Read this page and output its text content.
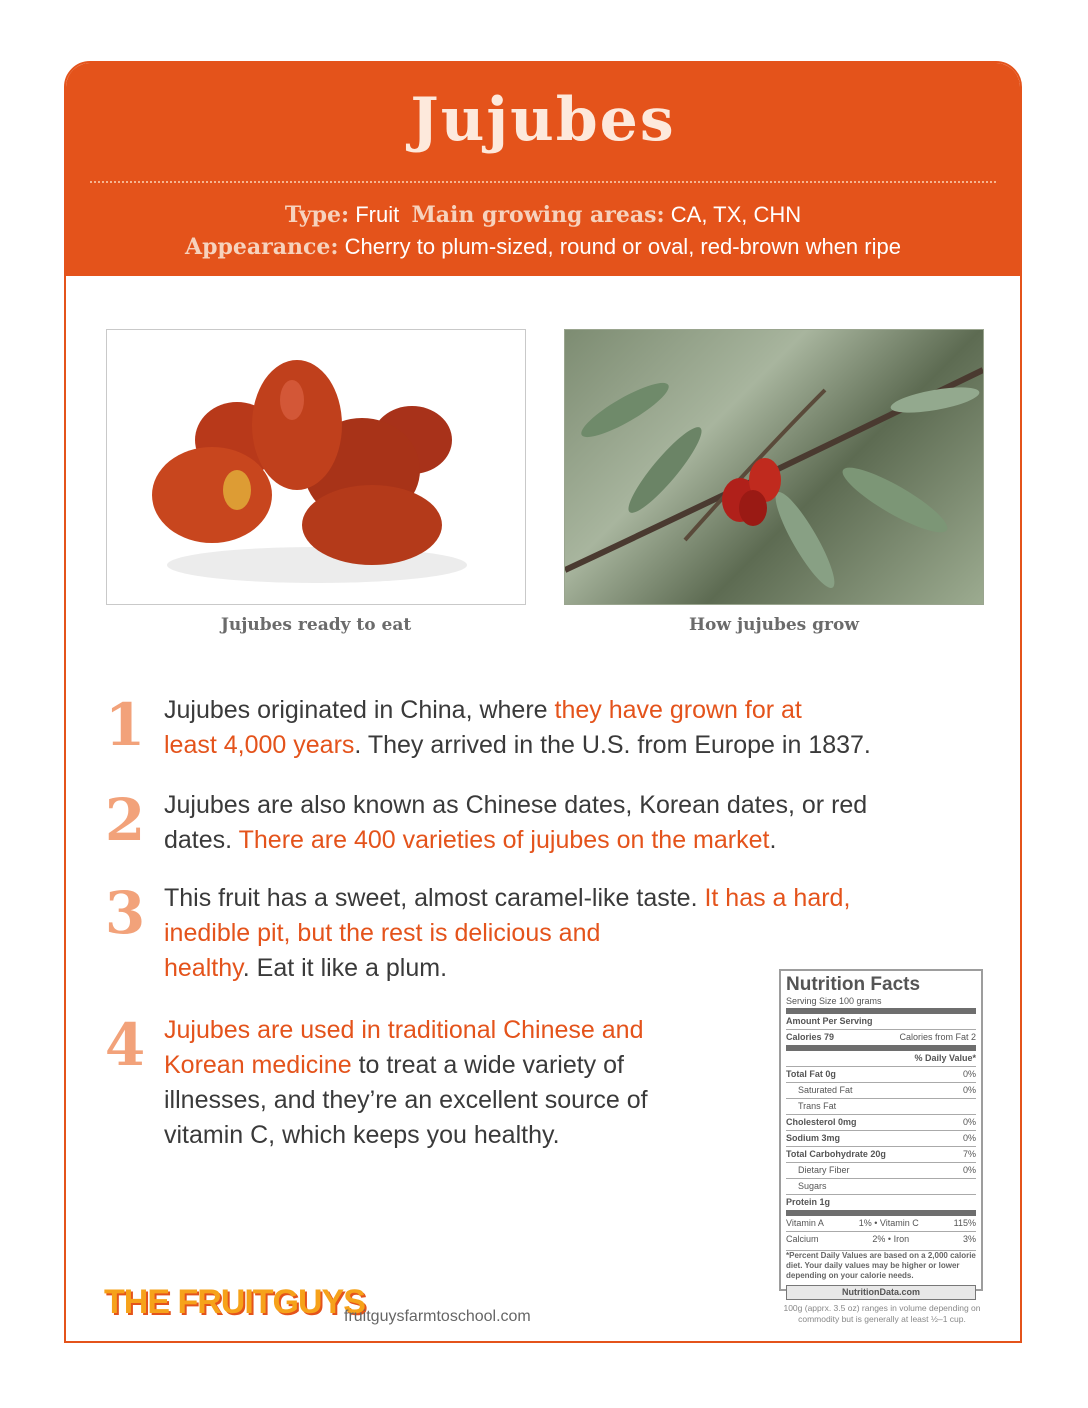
Jujubes
Type: Fruit Main growing areas: CA, TX, CHN
Appearance: Cherry to plum-sized, round or oval, red-brown when ripe
Jujubes ready to eat	How jujubes grow
1 Jujubes originated in China, where they have grown for at
least 4,000 years. They arrived in the U.S. from Europe in 1837.
2 Jujubes are also known as Chinese dates, Korean dates, or red
dates. There are 400 varieties of jujubes on the market.
3 This fruit has a sweet, almost caramel-like taste. It has a hard,
inedible pit, but the rest is delicious and
healthy. Eat it like a plum.
4 Jujubes are used in traditional Chinese and
Korean medicine to treat a wide variety of
illnesses, and they’re an excellent source of
vitamin C, which keeps you healthy.
Nutrition Facts
Serving Size 100 grams
Amount Per Serving
Calories 79	Calories from Fat 2
% Daily Value*
Total Fat 0g	0%
Saturated Fat	0%
Trans Fat
Cholesterol 0mg	0%
Sodium 3mg	0%
Total Carbohydrate 20g	7%
Dietary Fiber	0%
Sugars
Protein 1g
Vitamin A	1% • Vitamin C	115%
Calcium	2% • Iron	3%
*Percent Daily Values are based on a 2,000 calorie diet. Your daily values may be higher or lower depending on your calorie needs.
NutritionData.com
100g (apprx. 3.5 oz) ranges in volume depending on commodity but is generally at least ½–1 cup.
THE FRUITGUYS
fruitguysfarmtoschool.com
